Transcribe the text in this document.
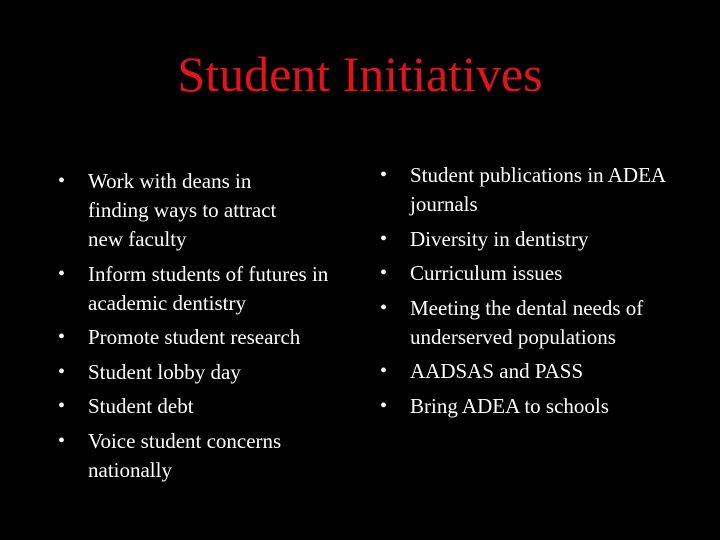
Student Initiatives
•	Work with deans in finding ways to attract new faculty
•	Inform students of futures in academic dentistry
•	Promote student research
•	Student lobby day
•	Student debt
•	Voice student concerns nationally
•	Student publications in ADEA journals
•	Diversity in dentistry
•	Curriculum issues
•	Meeting the dental needs of underserved populations
•	AADSAS and PASS
•	Bring ADEA to schools
